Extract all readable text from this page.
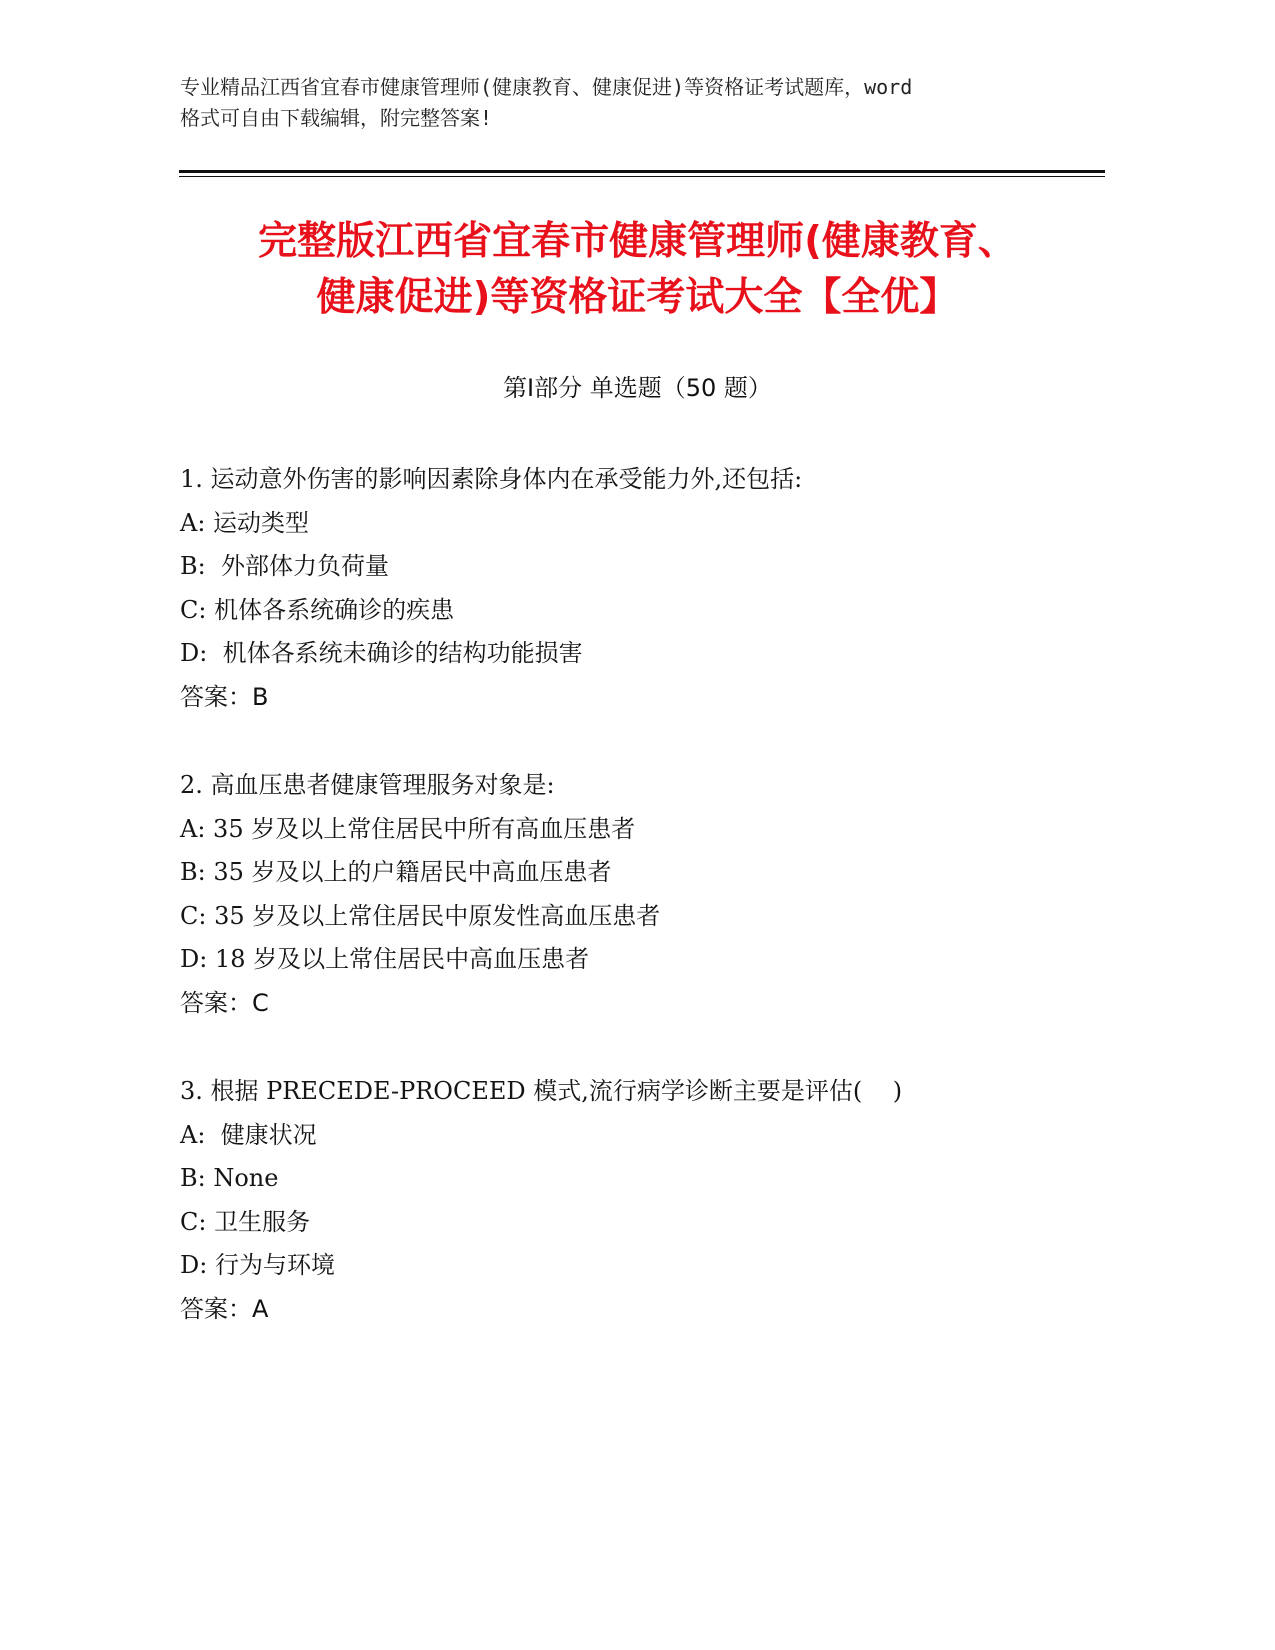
专业精品江西省宜春市健康管理师(健康教育、健康促进)等资格证考试题库，word
格式可自由下载编辑，附完整答案!
完整版江西省宜春市健康管理师(健康教育、
健康促进)等资格证考试大全【全优】
第Ⅰ部分 单选题（50 题）
1. 运动意外伤害的影响因素除身体内在承受能力外,还包括:
A: 运动类型
B:  外部体力负荷量
C: 机体各系统确诊的疾患
D:  机体各系统未确诊的结构功能损害
答案：B
2. 高血压患者健康管理服务对象是:
A: 35 岁及以上常住居民中所有高血压患者
B: 35 岁及以上的户籍居民中高血压患者
C: 35 岁及以上常住居民中原发性高血压患者
D: 18 岁及以上常住居民中高血压患者
答案：C
3. 根据 PRECEDE-PROCEED 模式,流行病学诊断主要是评估(    )
A:  健康状况
B: None
C: 卫生服务
D: 行为与环境
答案：A
